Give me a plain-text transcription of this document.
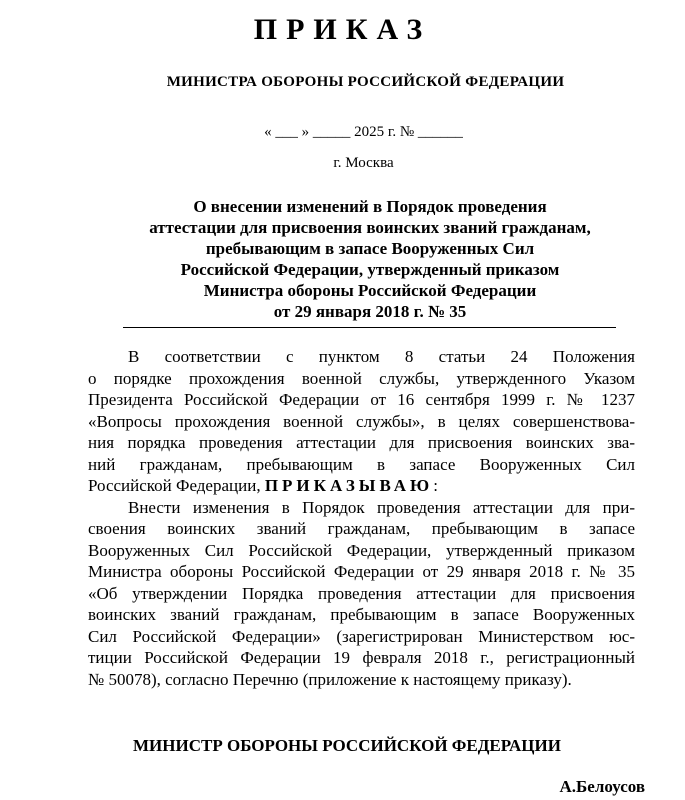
ПРИКАЗ
МИНИСТРА ОБОРОНЫ РОССИЙСКОЙ ФЕДЕРАЦИИ
« ___ » _____ 2025 г. № ______
г. Москва
О внесении изменений в Порядок проведения
аттестации для присвоения воинских званий гражданам,
пребывающим в запасе Вооруженных Сил
Российской Федерации, утвержденный приказом
Министра обороны Российской Федерации
от 29 января 2018 г. № 35
В соответствии с пунктом 8 статьи 24 Положения
о порядке прохождения военной службы, утвержденного Указом
Президента Российской Федерации от 16 сентября 1999 г. № 1237
«Вопросы прохождения военной службы», в целях совершенствова-
ния порядка проведения аттестации для присвоения воинских зва-
ний гражданам, пребывающим в запасе Вооруженных Сил
Российской Федерации, ПРИКАЗЫВАЮ:
Внести изменения в Порядок проведения аттестации для при-
своения воинских званий гражданам, пребывающим в запасе
Вооруженных Сил Российской Федерации, утвержденный приказом
Министра обороны Российской Федерации от 29 января 2018 г. № 35
«Об утверждении Порядка проведения аттестации для присвоения
воинских званий гражданам, пребывающим в запасе Вооруженных
Сил Российской Федерации» (зарегистрирован Министерством юс-
тиции Российской Федерации 19 февраля 2018 г., регистрационный
№ 50078), согласно Перечню (приложение к настоящему приказу).
МИНИСТР ОБОРОНЫ РОССИЙСКОЙ ФЕДЕРАЦИИ
А.Белоусов
